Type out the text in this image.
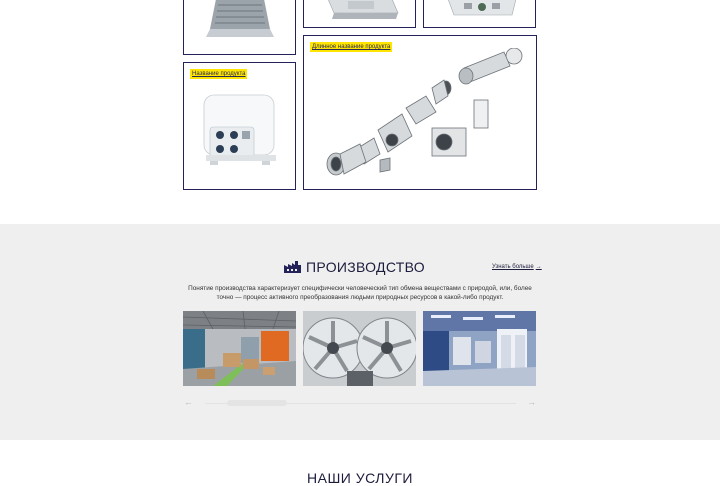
Название продукта
Длинное название продукта
ПРОИЗВОДСТВО	Узнать больше →
Понятие производства характеризует специфически человеческий тип обмена веществами с природой, или, более точно — процесс активного преобразования людьми природных ресурсов в какой-либо продукт.
←	→
НАШИ УСЛУГИ
